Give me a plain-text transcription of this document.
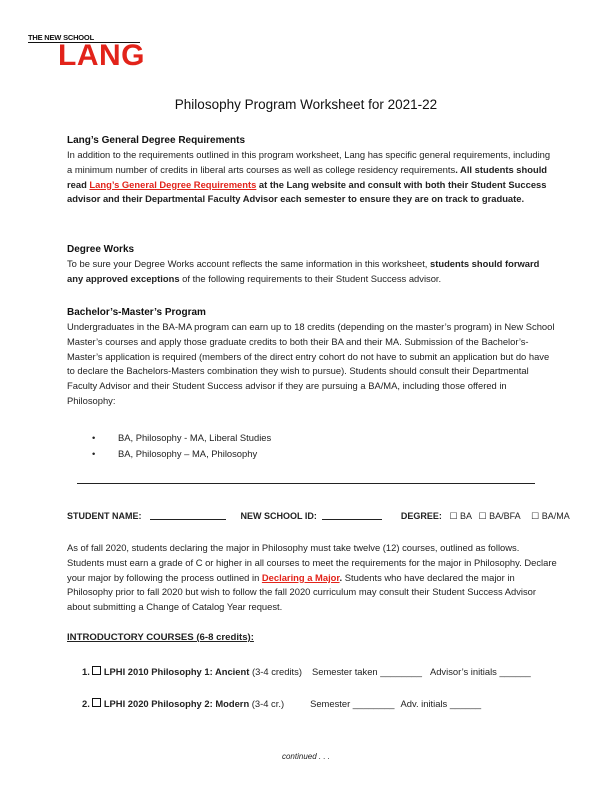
THE NEW SCHOOL
LANG
Philosophy Program Worksheet for 2021-22
Lang’s General Degree Requirements

In addition to the requirements outlined in this program worksheet, Lang has specific general requirements, including a minimum number of credits in liberal arts courses as well as college residency requirements. All students should read Lang’s General Degree Requirements at the Lang website and consult with both their Student Success advisor and their Departmental Faculty Advisor each semester to ensure they are on track to graduate.

Degree Works

To be sure your Degree Works account reflects the same information in this worksheet, students should forward any approved exceptions of the following requirements to their Student Success advisor.

Bachelor’s-Master’s Program

Undergraduates in the BA-MA program can earn up to 18 credits (depending on the master’s program) in New School Master’s courses and apply those graduate credits to both their BA and their MA. Submission of the Bachelor’s-Master’s application is required (members of the direct entry cohort do not have to submit an application but do have to declare the Bachelors-Masters combination they wish to pursue). Students should consult their Departmental Faculty Advisor and their Student Success advisor if they are pursuing a BA/MA, including those offered in Philosophy:

• BA, Philosophy - MA, Liberal Studies
• BA, Philosophy – MA, Philosophy
STUDENT NAME:	NEW SCHOOL ID:	DEGREE: ☐ BA ☐ BA/BFA ☐ BA/MA

As of fall 2020, students declaring the major in Philosophy must take twelve (12) courses, outlined as follows. Students must earn a grade of C or higher in all courses to meet the requirements for the major in Philosophy. Declare your major by following the process outlined in Declaring a Major. Students who have declared the major in Philosophy prior to fall 2020 but wish to follow the fall 2020 curriculum may consult their Student Success Advisor about submitting a Change of Catalog Year request.

INTRODUCTORY COURSES (6-8 credits):
1. LPHI 2010 Philosophy 1: Ancient (3-4 credits) Semester taken ________ Advisor’s initials ______
2. LPHI 2020 Philosophy 2: Modern (3-4 cr.)	Semester ________ Adv. initials ______
continued . . .
